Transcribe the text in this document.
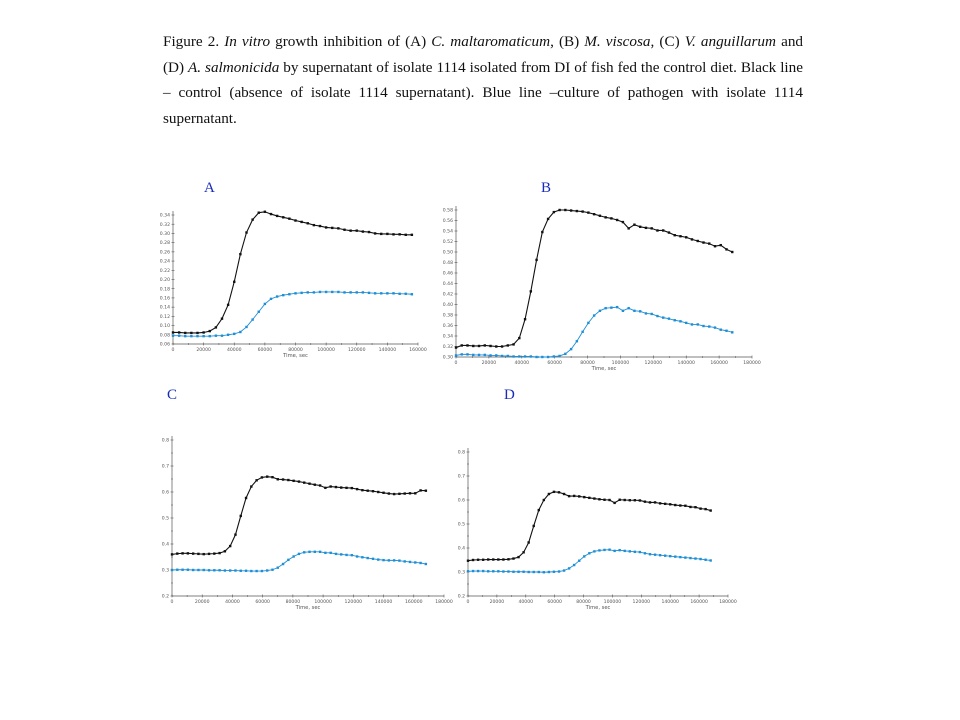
Figure 2. In vitro growth inhibition of (A) C. maltaromaticum, (B) M. viscosa, (C) V. anguillarum and (D) A. salmonicida by supernatant of isolate 1114 isolated from DI of fish fed the control diet. Black line – control (absence of isolate 1114 supernatant). Blue line –culture of pathogen with isolate 1114 supernatant.
A	B
C	D
0	20000	40000	60000	80000	100000	120000	140000	160000
0.06
0.08
0.10
0.12
0.14
0.16
0.18
0.20
0.22
0.24
0.26
0.28
0.30
0.32
0.34
Time, sec
0	20000	40000	60000	80000	100000	120000	140000	160000	180000
0.30
0.32
0.34
0.36
0.38
0.40
0.42
0.44
0.46
0.48
0.50
0.52
0.54
0.56
0.58
Time, sec
0	20000	40000	60000	80000	100000	120000	140000	160000	180000
0.2
0.3
0.4
0.5
0.6
0.7
0.8
Time, sec
0	20000	40000	60000	80000	100000 120000 140000 160000 180000
0.2
0.3
0.4
0.5
0.6
0.7
0.8
Time, sec
